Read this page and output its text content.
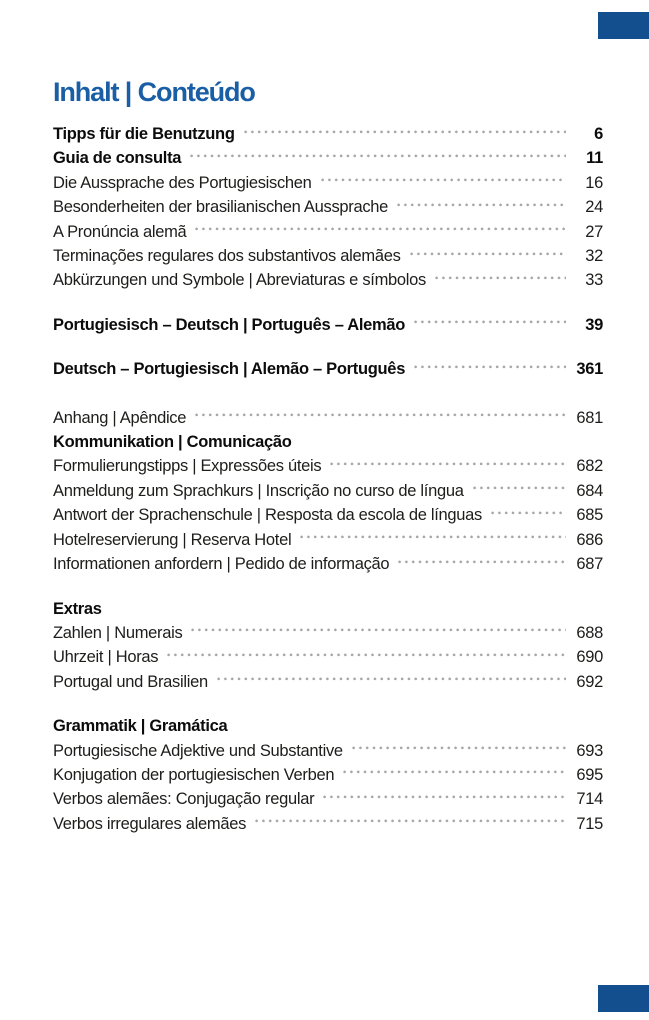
Inhalt | Conteúdo
Tipps für die Benutzung	6
Guia de consulta	11
Die Aussprache des Portugiesischen	16
Besonderheiten der brasilianischen Aussprache	24
A Pronúncia alemã	27
Terminações regulares dos substantivos alemães	32
Abkürzungen und Symbole | Abreviaturas e símbolos	33
Portugiesisch – Deutsch | Português – Alemão	39
Deutsch – Portugiesisch | Alemão – Português	361
Anhang | Apêndice	681
Kommunikation | Comunicação
Formulierungstipps | Expressões úteis	682
Anmeldung zum Sprachkurs | Inscrição no curso de língua	684
Antwort der Sprachenschule | Resposta da escola de línguas	685
Hotelreservierung | Reserva Hotel	686
Informationen anfordern | Pedido de informação	687
Extras
Zahlen | Numerais	688
Uhrzeit | Horas	690
Portugal und Brasilien	692
Grammatik | Gramática
Portugiesische Adjektive und Substantive	693
Konjugation der portugiesischen Verben	695
Verbos alemães: Conjugação regular	714
Verbos irregulares alemães	715
